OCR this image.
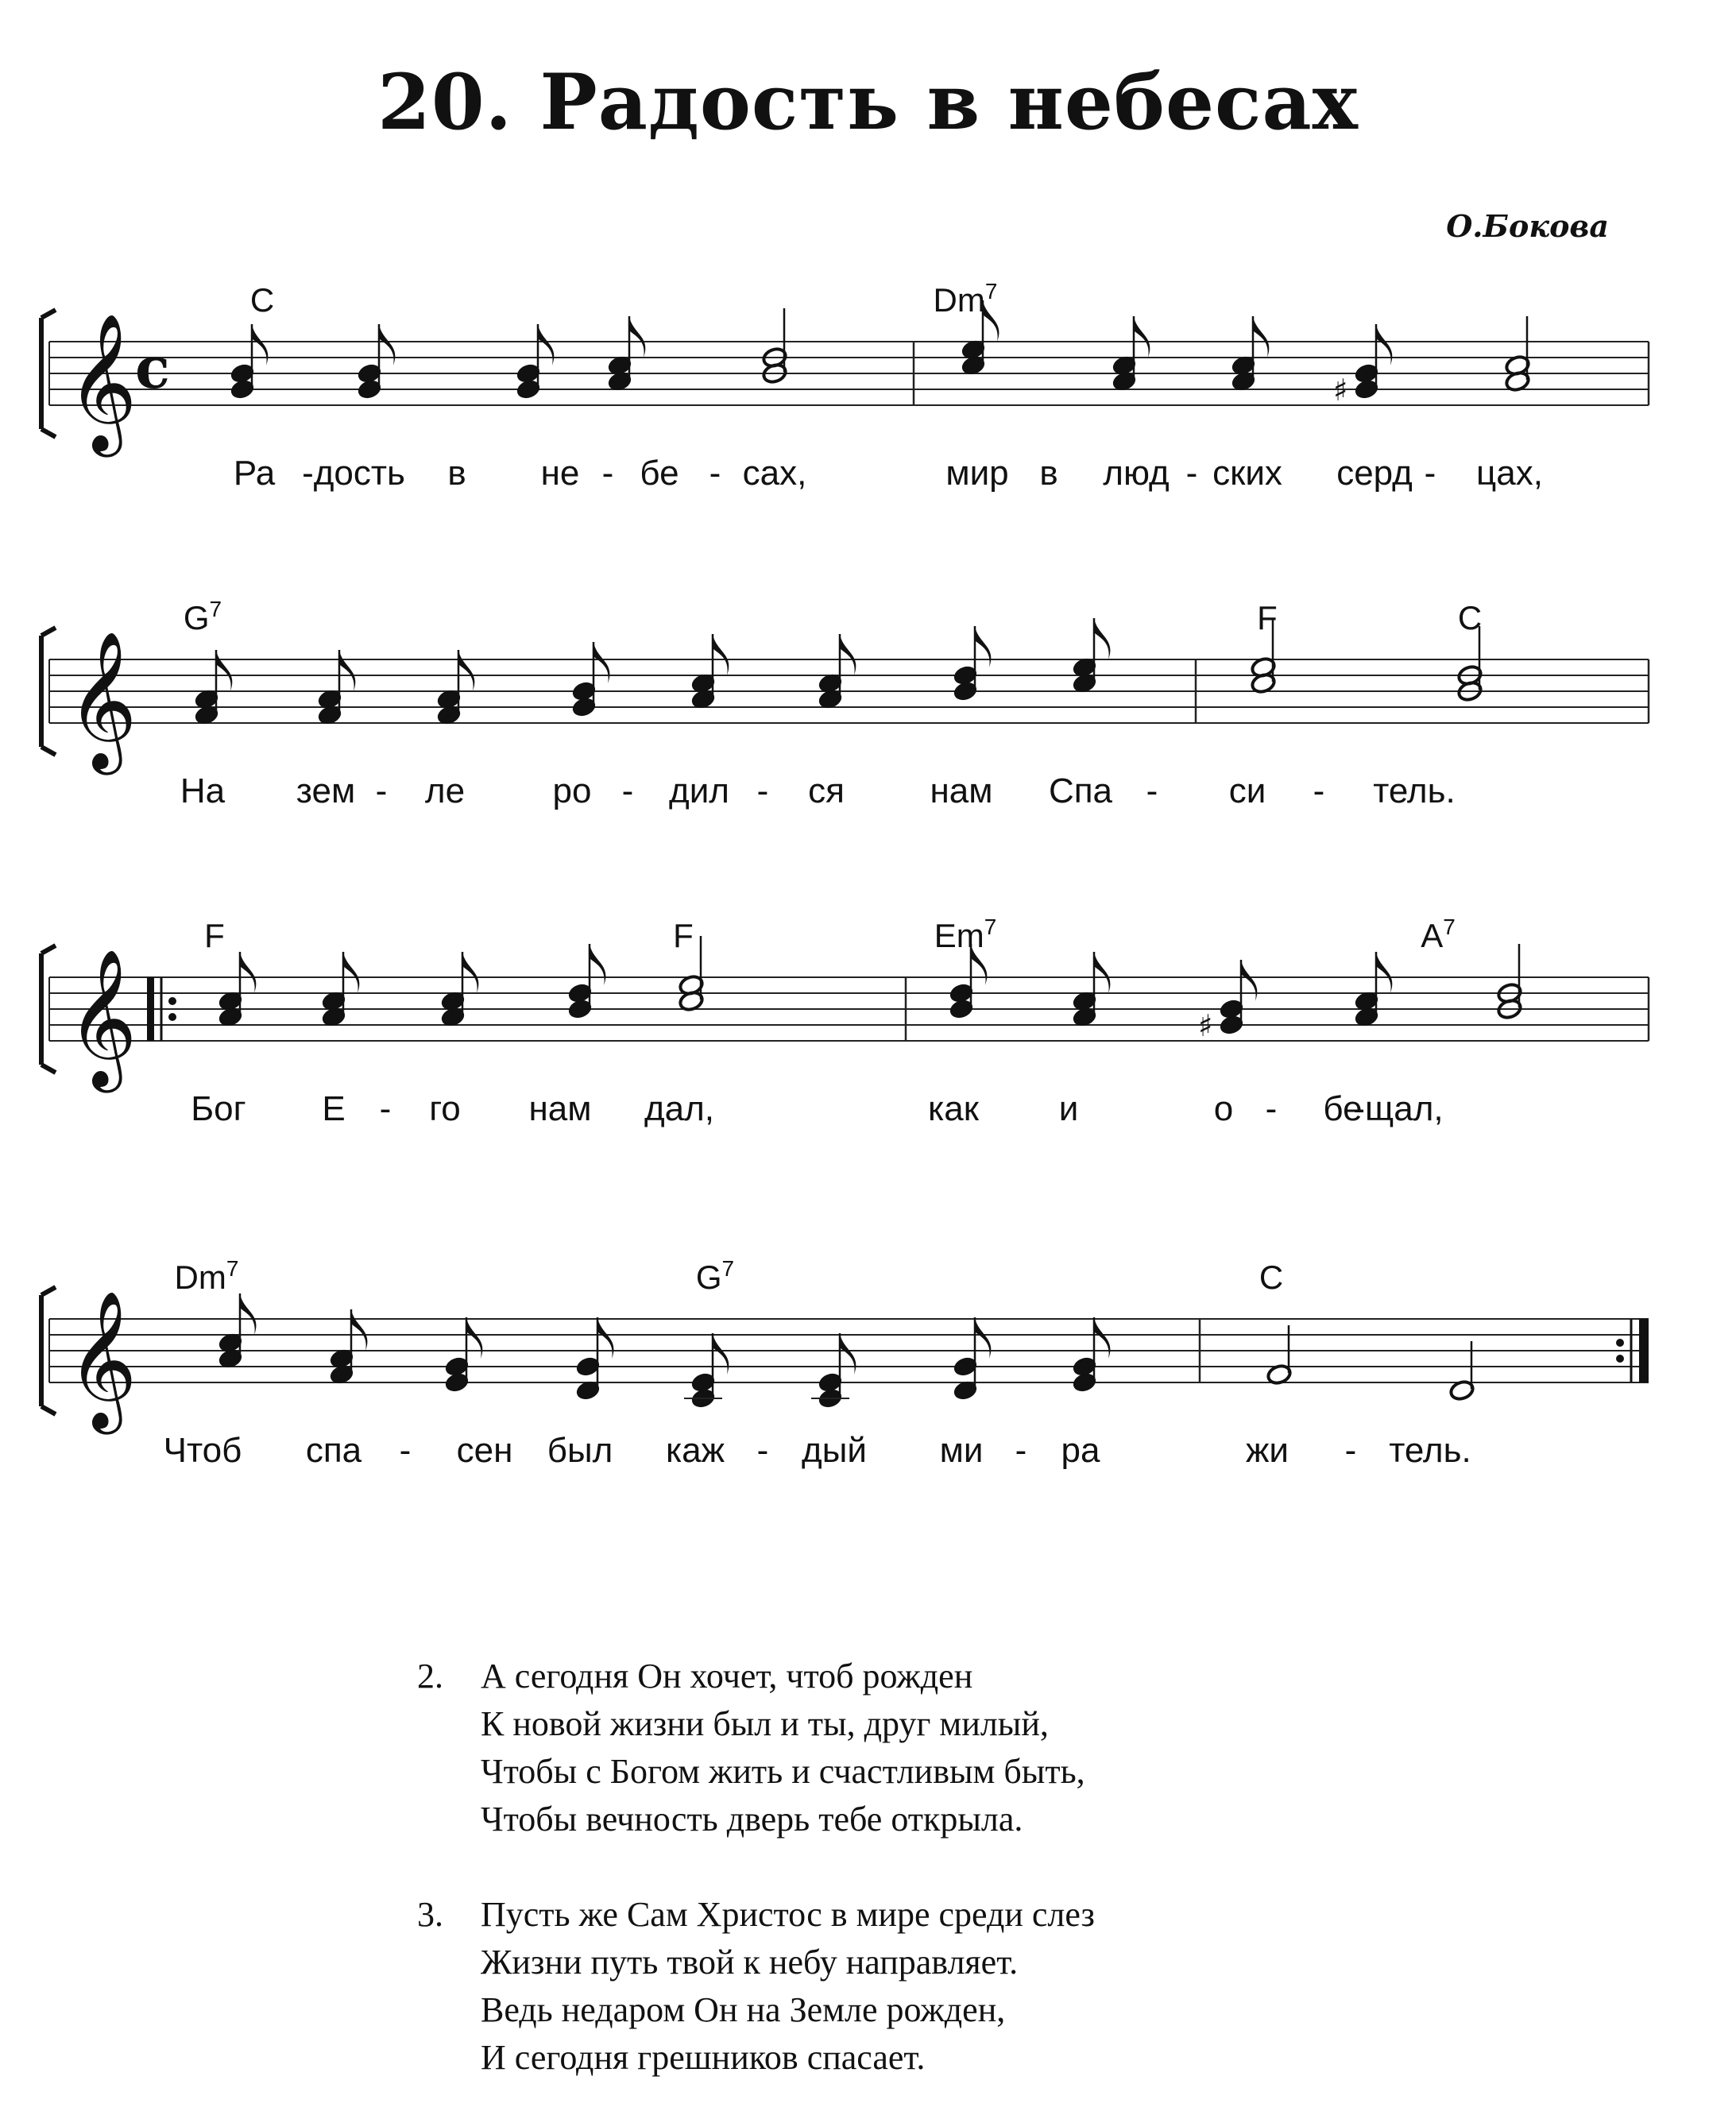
20. Радость в небесах
О.Бокова
𝄞
c	♯
C	Dm$^7$
Ра -дость в не - бе - сах,	мир в люд - ских серд - цах,
𝄞
$G^7$	F	C
На зем - ле	ро - дил - ся нам Спа - си - тель.
𝄞	♯
F	F	Em$^7$	$A^7$
Бог Е - го нам дал,	как и	о - бе
-щал,
𝄞
Dm$^7$	$G^7$	C
Чтоб спа - сен был каж - дый ми - ра	жи - тель.
2.	А сегодня Он хочет, чтоб рожден
К новой жизни был и ты, друг милый,
Чтобы с Богом жить и счастливым быть,
Чтобы вечность дверь тебе открыла.
3.	Пусть же Сам Христос в мире среди слез
Жизни путь твой к небу направляет.
Ведь недаром Он на Земле рожден,
И сегодня грешников спасает.
